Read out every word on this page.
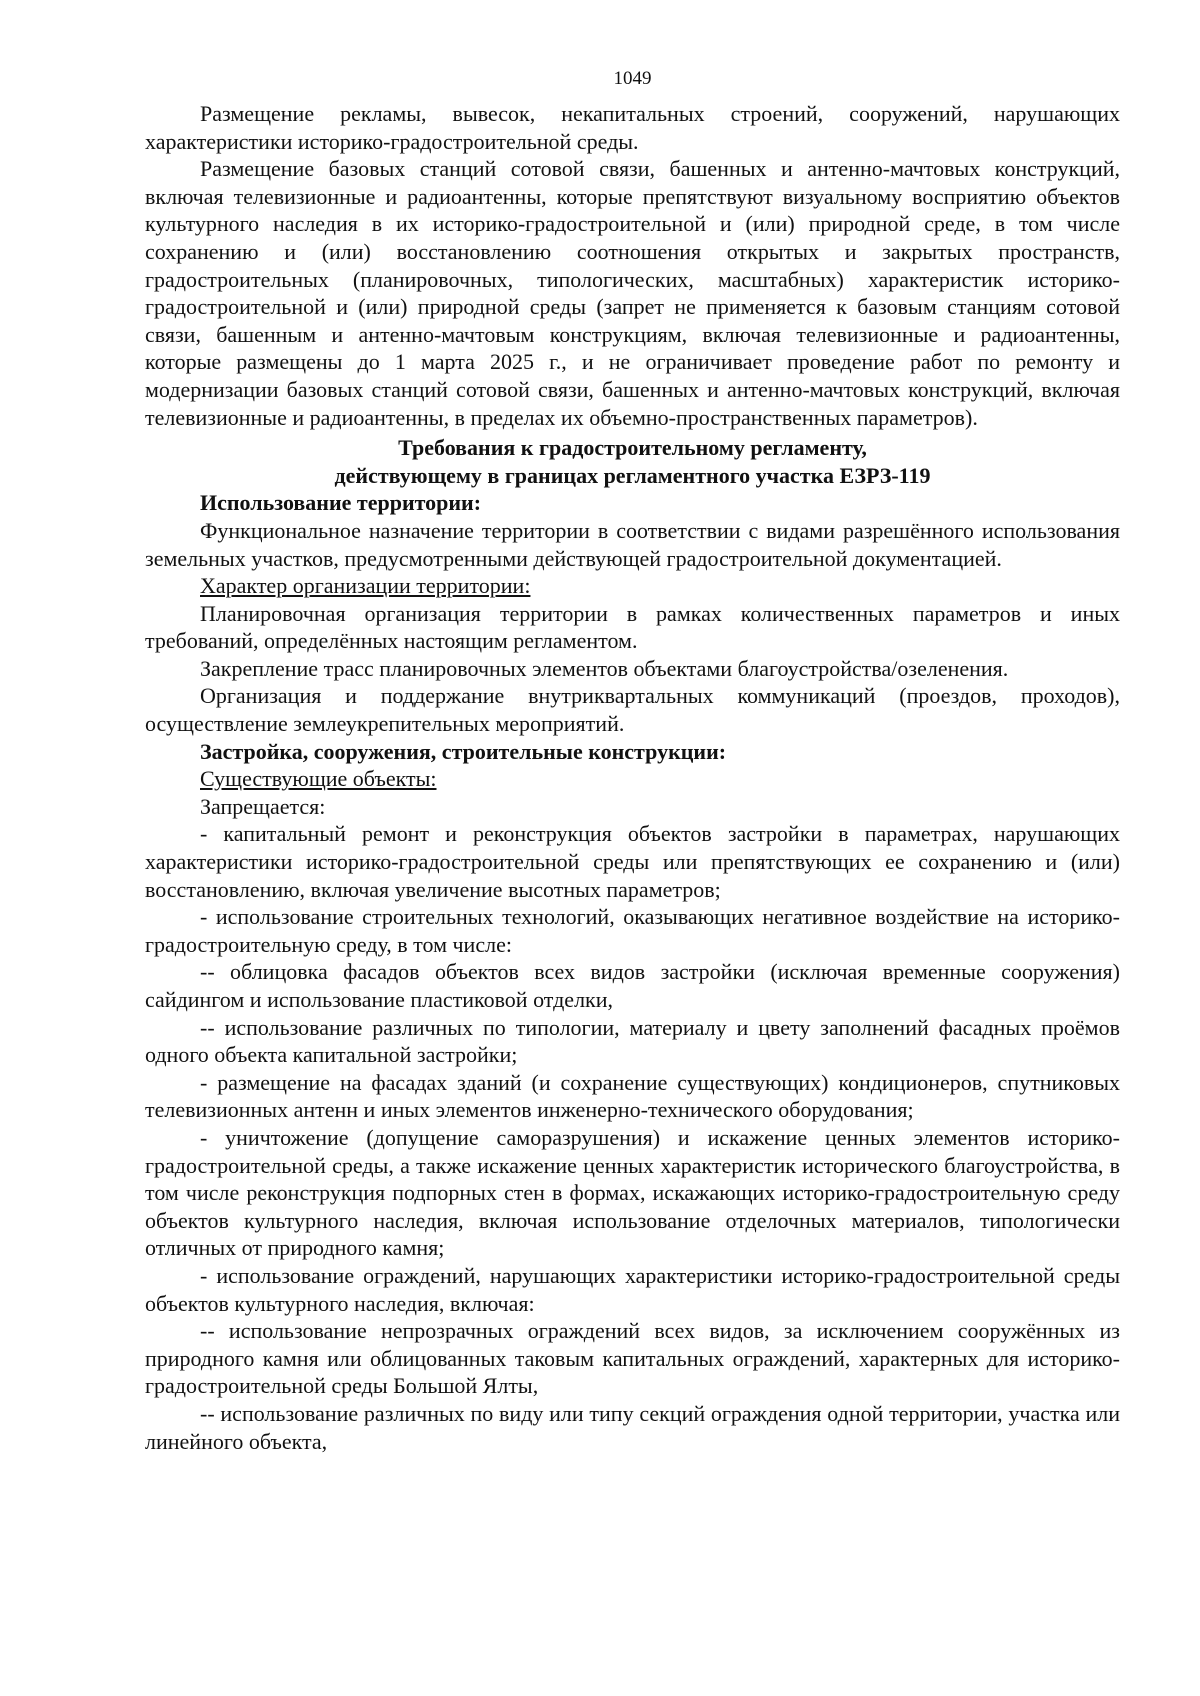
1049

Размещение рекламы, вывесок, некапитальных строений, сооружений, нарушающих характеристики историко-градостроительной среды.

Размещение базовых станций сотовой связи, башенных и антенно-мачтовых конструкций, включая телевизионные и радиоантенны, которые препятствуют визуальному восприятию объектов культурного наследия в их историко-градостроительной и (или) природной среде, в том числе сохранению и (или) восстановлению соотношения открытых и закрытых пространств, градостроительных (планировочных, типологических, масштабных) характеристик историко-градостроительной и (или) природной среды (запрет не применяется к базовым станциям сотовой связи, башенным и антенно-мачтовым конструкциям, включая телевизионные и радиоантенны, которые размещены до 1 марта 2025 г., и не ограничивает проведение работ по ремонту и модернизации базовых станций сотовой связи, башенных и антенно-мачтовых конструкций, включая телевизионные и радиоантенны, в пределах их объемно-пространственных параметров).

Требования к градостроительному регламенту,

действующему в границах регламентного участка ЕЗРЗ-119

Использование территории:

Функциональное назначение территории в соответствии с видами разрешённого использования земельных участков, предусмотренными действующей градостроительной документацией.

Характер организации территории:

Планировочная организация территории в рамках количественных параметров и иных требований, определённых настоящим регламентом.

Закрепление трасс планировочных элементов объектами благоустройства/озеленения.

Организация и поддержание внутриквартальных коммуникаций (проездов, проходов), осуществление землеукрепительных мероприятий.

Застройка, сооружения, строительные конструкции:

Существующие объекты:

Запрещается:

- капитальный ремонт и реконструкция объектов застройки в параметрах, нарушающих характеристики историко-градостроительной среды или препятствующих ее сохранению и (или) восстановлению, включая увеличение высотных параметров;

- использование строительных технологий, оказывающих негативное воздействие на историко-градостроительную среду, в том числе:

-- облицовка фасадов объектов всех видов застройки (исключая временные сооружения) сайдингом и использование пластиковой отделки,

-- использование различных по типологии, материалу и цвету заполнений фасадных проёмов одного объекта капитальной застройки;

- размещение на фасадах зданий (и сохранение существующих) кондиционеров, спутниковых телевизионных антенн и иных элементов инженерно-технического оборудования;

- уничтожение (допущение саморазрушения) и искажение ценных элементов историко-градостроительной среды, а также искажение ценных характеристик исторического благоустройства, в том числе реконструкция подпорных стен в формах, искажающих историко-градостроительную среду объектов культурного наследия, включая использование отделочных материалов, типологически отличных от природного камня;

- использование ограждений, нарушающих характеристики историко-градостроительной среды объектов культурного наследия, включая:

-- использование непрозрачных ограждений всех видов, за исключением сооружённых из природного камня или облицованных таковым капитальных ограждений, характерных для историко-градостроительной среды Большой Ялты,

-- использование различных по виду или типу секций ограждения одной территории, участка или линейного объекта,
